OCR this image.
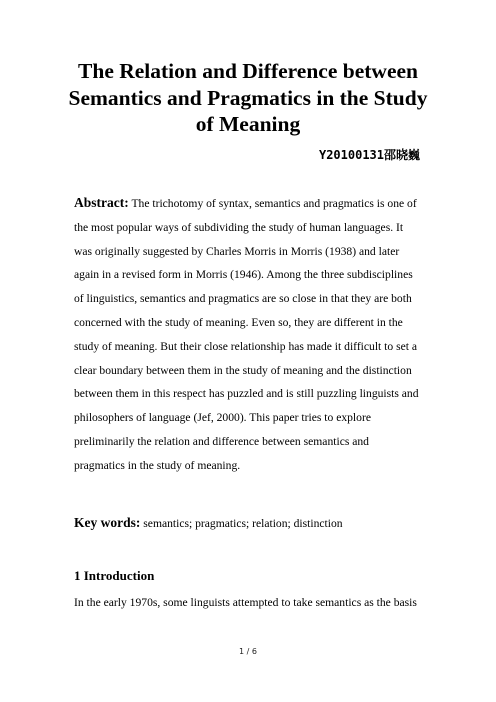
The Relation and Difference between
Semantics and Pragmatics in the Study
of Meaning
Y20100131邵晓巍
Abstract: The trichotomy of syntax, semantics and pragmatics is one of
the most popular ways of subdividing the study of human languages. It
was originally suggested by Charles Morris in Morris (1938) and later
again in a revised form in Morris (1946). Among the three subdisciplines
of linguistics, semantics and pragmatics are so close in that they are both
concerned with the study of meaning. Even so, they are different in the
study of meaning. But their close relationship has made it difficult to set a
clear boundary between them in the study of meaning and the distinction
between them in this respect has puzzled and is still puzzling linguists and
philosophers of language (Jef, 2000). This paper tries to explore
preliminarily the relation and difference between semantics and
pragmatics in the study of meaning.
Key words: semantics; pragmatics; relation; distinction
1 Introduction
In the early 1970s, some linguists attempted to take semantics as the basis
1 / 6
